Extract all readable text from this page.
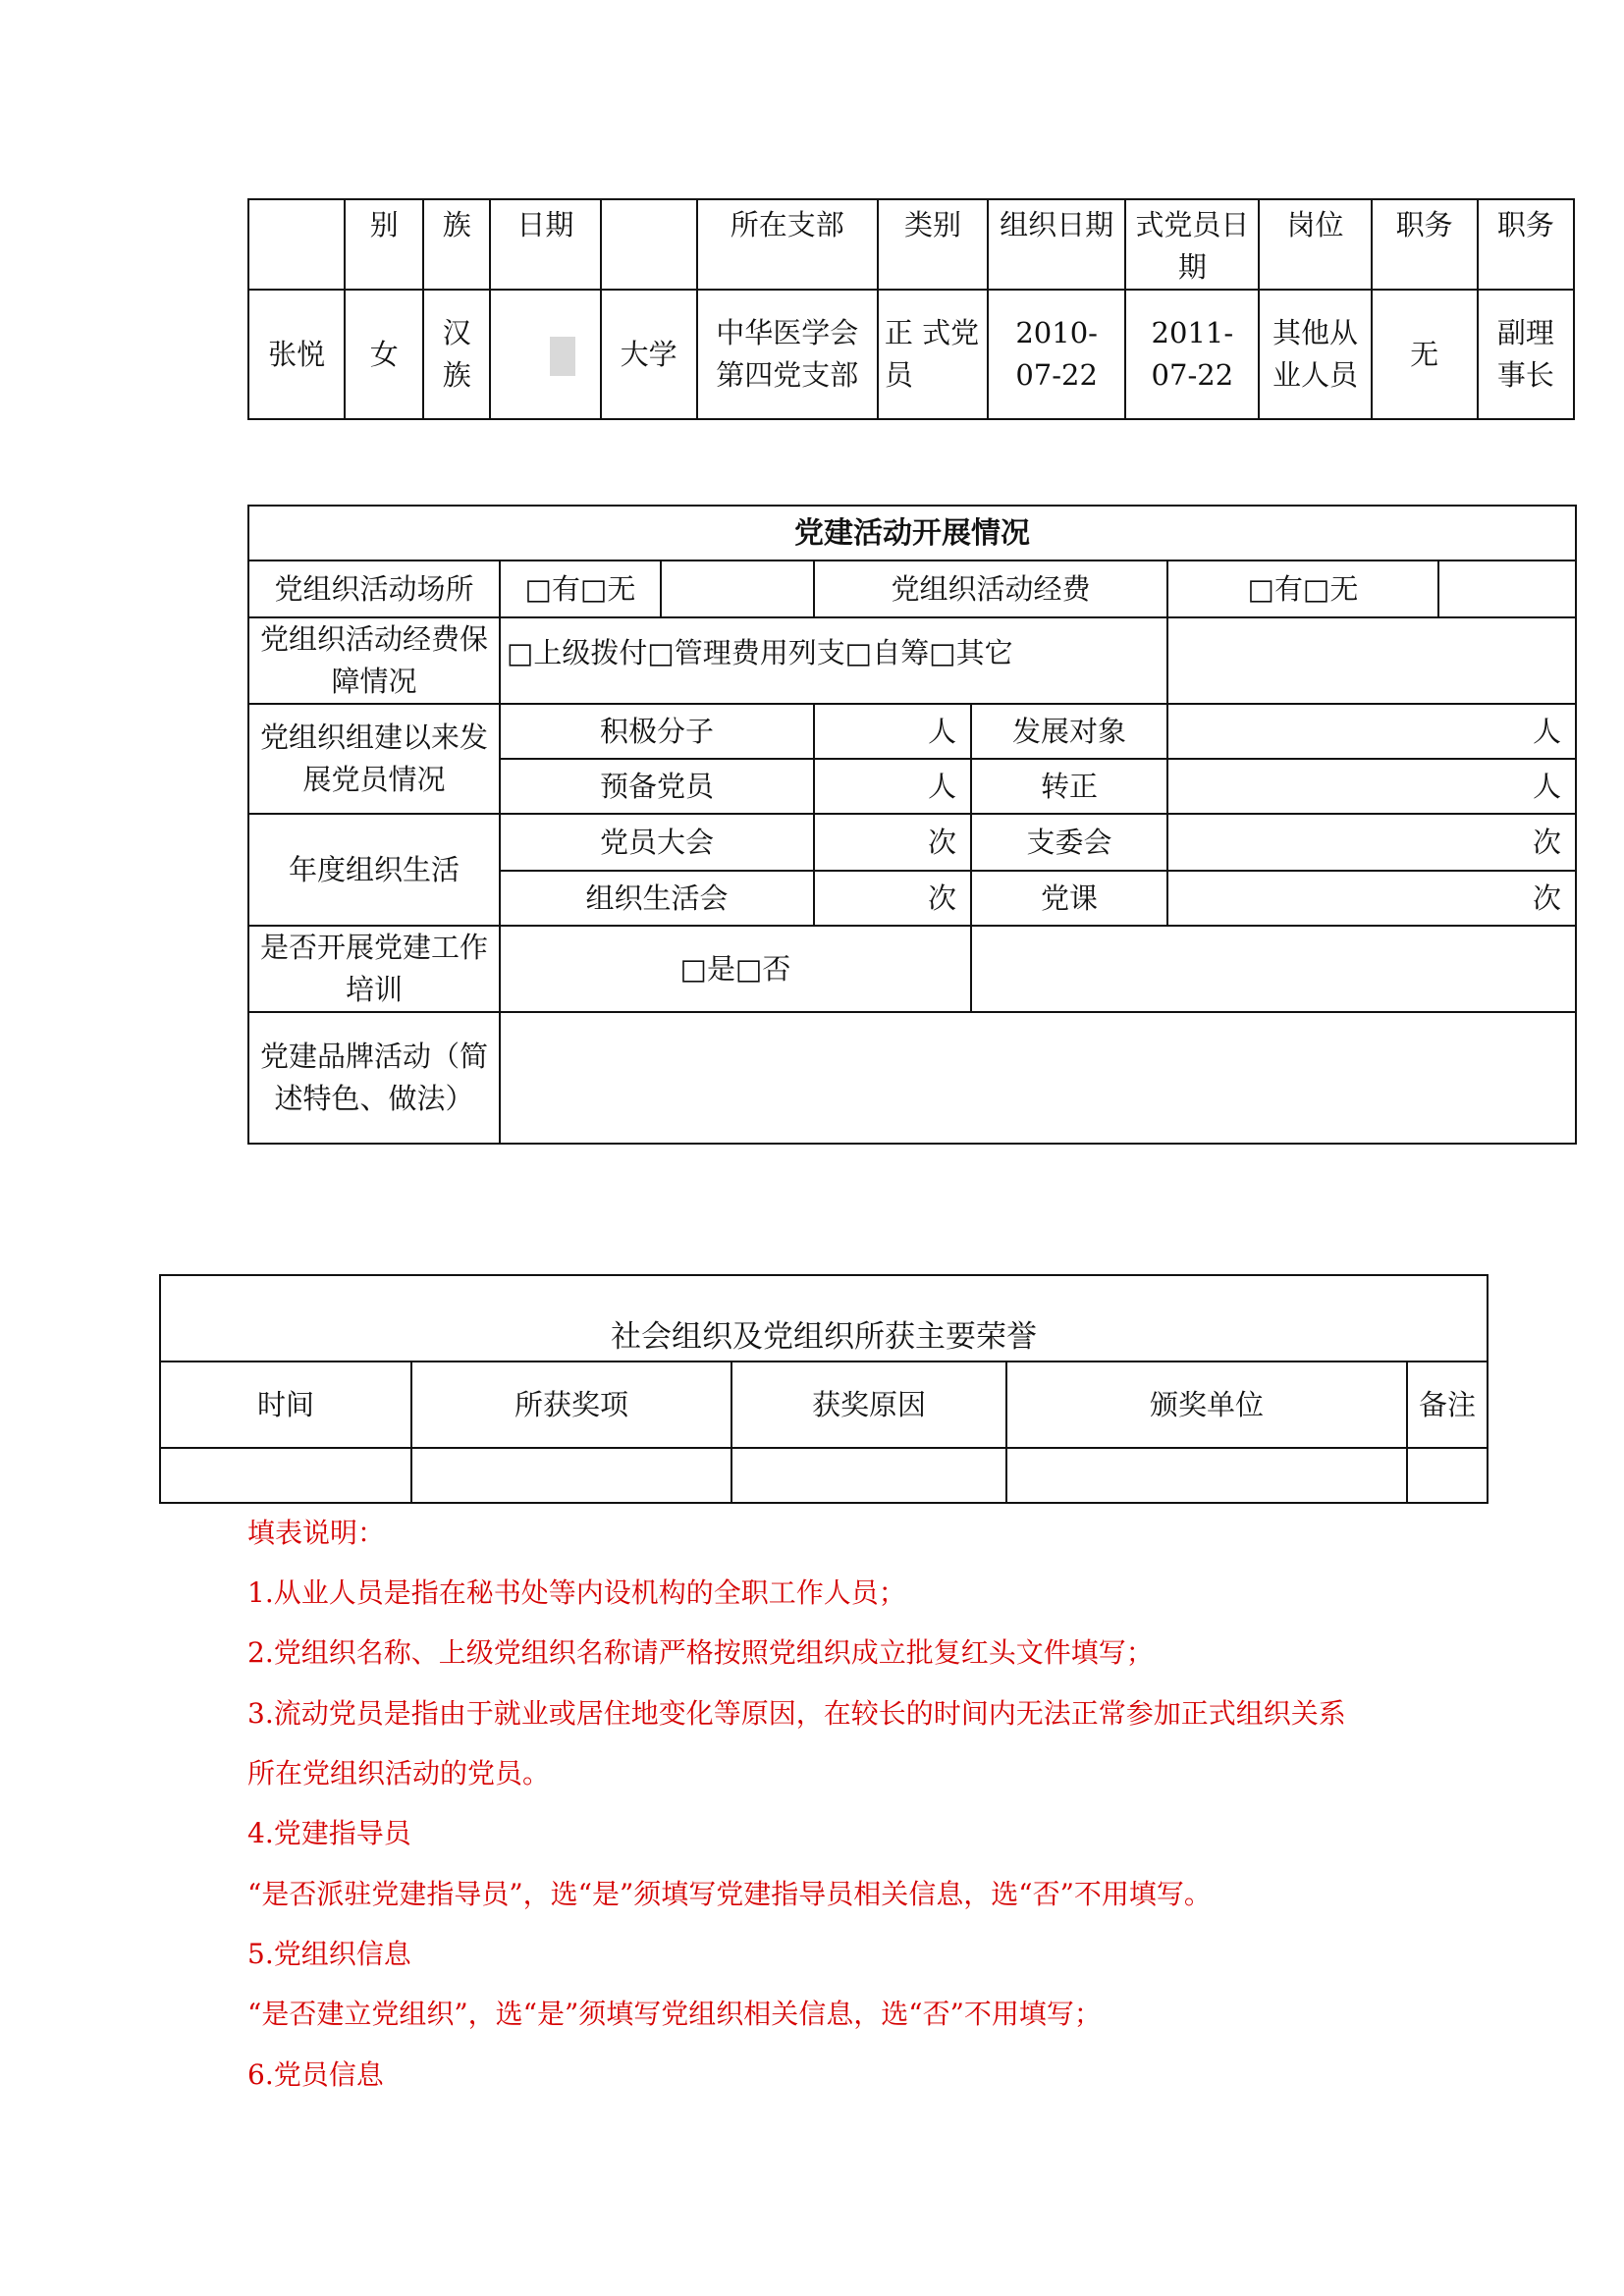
	别	族	日期		所在支部	类别	组织日期	式党员日期	岗位	职务	职务
张悦	女	汉族		大学	中华医学会第四党支部	正 式党员	2010-07-22	2011-07-22	其他从业人员	无	副理事长
党建活动开展情况						
党组织活动场所	□有□无		党组织活动经费		□有□无	
党组织活动经费保障情况	□上级拨付□管理费用列支□自筹□其它					
党组织组建以来发展党员情况	积极分子		人	发展对象	人	
	预备党员		人	转正	人	
年度组织生活	党员大会		次	支委会	次	
	组织生活会		次	党课	次	
是否开展党建工作培训	□是□否					
党建品牌活动（简述特色、做法）						
社会组织及党组织所获主要荣誉				
时间	所获奖项	获奖原因	颁奖单位	备注

填表说明：
1.从业人员是指在秘书处等内设机构的全职工作人员；
2.党组织名称、上级党组织名称请严格按照党组织成立批复红头文件填写；
3.流动党员是指由于就业或居住地变化等原因，在较长的时间内无法正常参加正式组织关系
所在党组织活动的党员。
4.党建指导员
“是否派驻党建指导员”，选“是”须填写党建指导员相关信息，选“否”不用填写。
5.党组织信息
“是否建立党组织”，选“是”须填写党组织相关信息，选“否”不用填写；
6.党员信息
